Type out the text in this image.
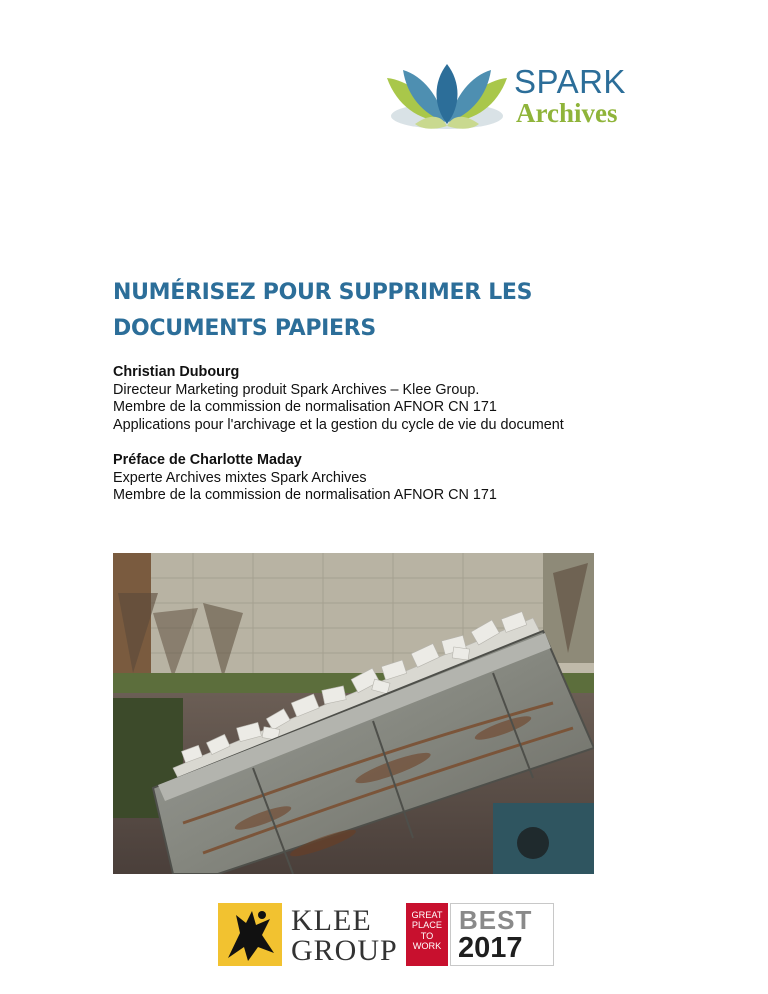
SPARK
Archives
NUMÉRISEZ POUR SUPPRIMER LES
DOCUMENTS PAPIERS
Christian Dubourg
Directeur Marketing produit Spark Archives – Klee Group.
Membre de la commission de normalisation AFNOR CN 171
Applications pour l'archivage et la gestion du cycle de vie du document
Préface de Charlotte Maday
Experte Archives mixtes Spark Archives
Membre de la commission de normalisation AFNOR CN 171
KLEE
GROUP
GREAT
PLACE
TO
WORK
BEST
2017
